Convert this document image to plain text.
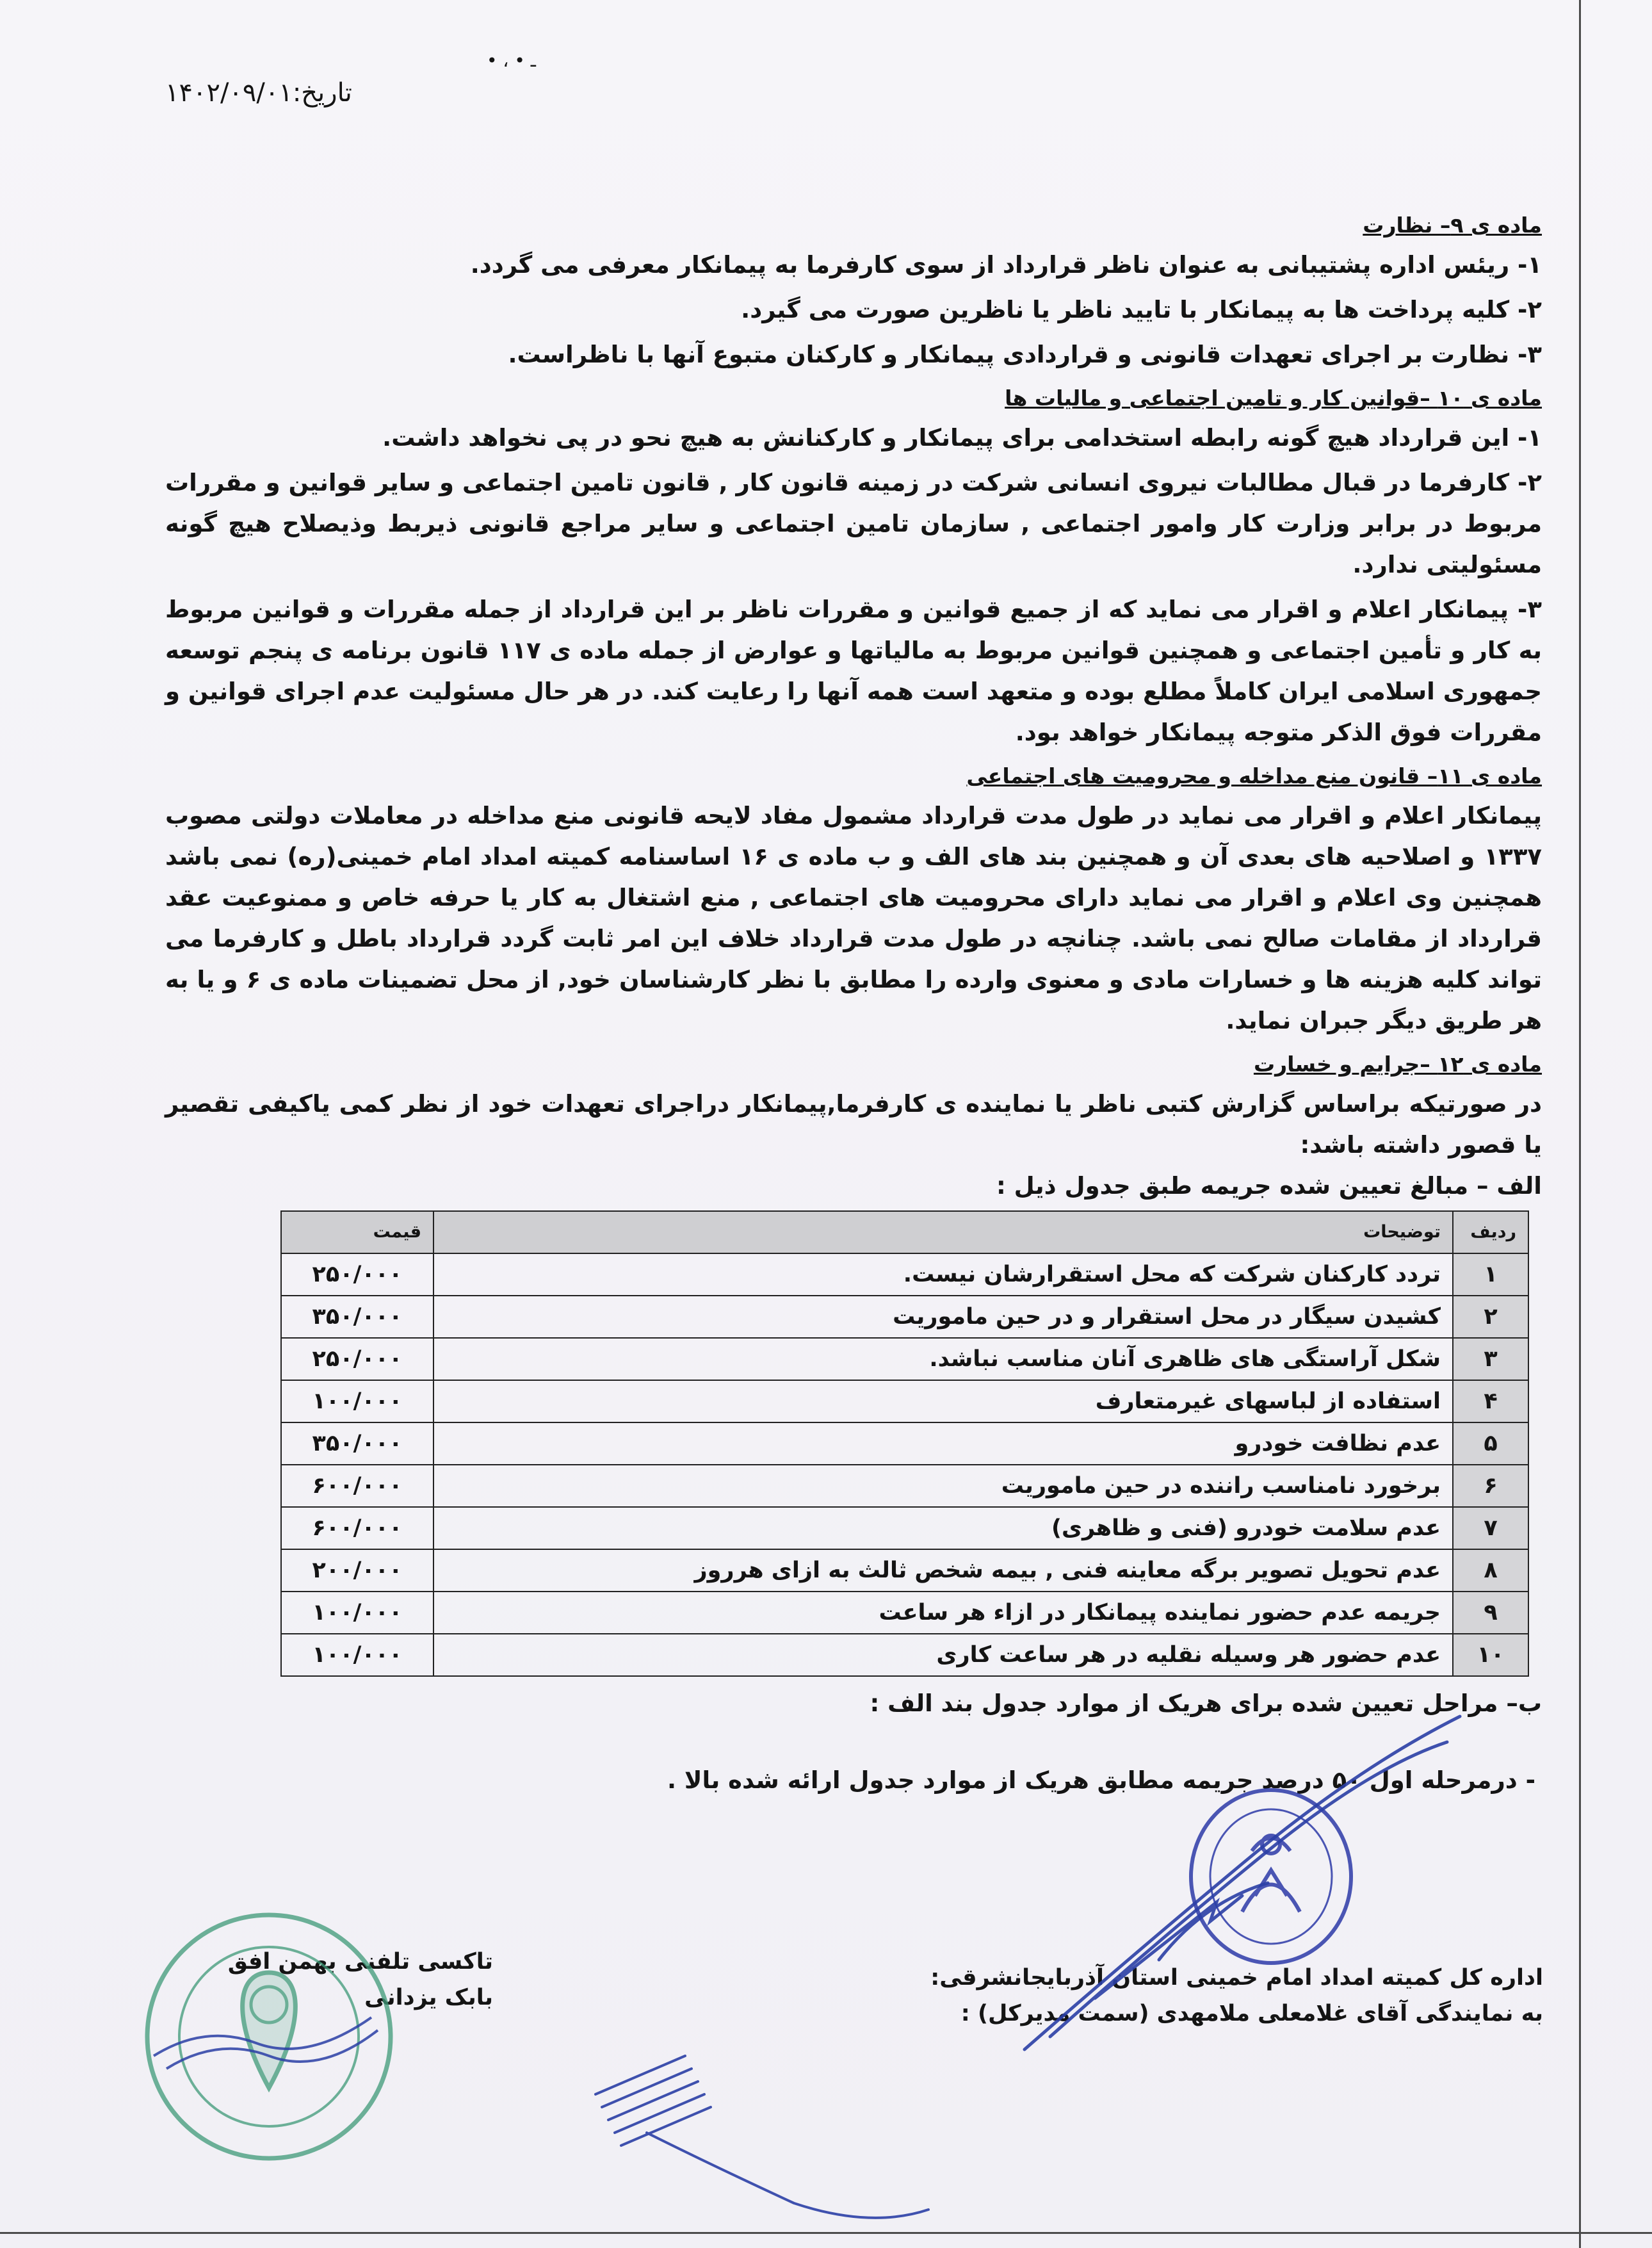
ـ • ، •
تاریخ:۱۴۰۲/۰۹/۰۱

ماده ی ۹– نظارت

۱- ریئس اداره پشتیبانی به عنوان ناظر قرارداد از سوی کارفرما به پیمانکار معرفی می گردد.

۲- کلیه پرداخت ها به پیمانکار با تایید ناظر یا ناظرین صورت می گیرد.

۳- نظارت بر اجرای تعهدات قانونی و قراردادی پیمانکار و کارکنان متبوع آنها با ناظراست.

ماده ی ۱۰ –قوانین کار و تامین اجتماعی و مالیات ها

۱- این قرارداد هیچ گونه رابطه استخدامی برای پیمانکار و کارکنانش به هیچ نحو در پی نخواهد داشت.

۲- کارفرما در قبال مطالبات نیروی انسانی شرکت در زمینه قانون کار , قانون تامین اجتماعی و سایر قوانین و مقررات مربوط در برابر وزارت کار وامور اجتماعی , سازمان تامین اجتماعی و سایر مراجع قانونی ذیربط وذیصلاح هیچ گونه مسئولیتی ندارد.

۳- پیمانکار اعلام و اقرار می نماید که از جمیع قوانین و مقررات ناظر بر این قرارداد از جمله مقررات و قوانین مربوط به کار و تأمین اجتماعی و همچنین قوانین مربوط به مالیاتها و عوارض از جمله ماده ی ۱۱۷ قانون برنامه ی پنجم توسعه جمهوری اسلامی ایران کاملاً مطلع بوده و متعهد است همه آنها را رعایت کند. در هر حال مسئولیت عدم اجرای قوانین و مقررات فوق الذکر متوجه پیمانکار خواهد بود.

ماده ی ۱۱– قانون منع مداخله و محرومیت های اجتماعی

پیمانکار اعلام و اقرار می نماید در طول مدت قرارداد مشمول مفاد لایحه قانونی منع مداخله در معاملات دولتی مصوب ۱۳۳۷ و اصلاحیه های بعدی آن و همچنین بند های الف و ب ماده ی ۱۶ اساسنامه کمیته امداد امام خمینی(ره) نمی باشد همچنین وی اعلام و اقرار می نماید دارای محرومیت های اجتماعی , منع اشتغال به کار یا حرفه خاص و ممنوعیت عقد قرارداد از مقامات صالح نمی باشد. چنانچه در طول مدت قرارداد خلاف این امر ثابت گردد قرارداد باطل و کارفرما می تواند کلیه هزینه ها و خسارات مادی و معنوی وارده را مطابق با نظر کارشناسان خود, از محل تضمینات ماده ی ۶ و یا به هر طریق دیگر جبران نماید.

ماده ی ۱۲ –جرایم و خسارت

در صورتیکه براساس گزارش کتبی ناظر یا نماینده ی کارفرما,پیمانکار دراجرای تعهدات خود از نظر کمی یاکیفی تقصیر یا قصور داشته باشد:

الف – مبالغ تعیین شده جریمه طبق جدول ذیل :

ردیف	توضیحات	قیمت
۱	تردد کارکنان شرکت که محل استقرارشان نیست.	۲۵۰/۰۰۰
۲	کشیدن سیگار در محل استقرار و در حین ماموریت	۳۵۰/۰۰۰
۳	شکل آراستگی های ظاهری آنان مناسب نباشد.	۲۵۰/۰۰۰
۴	استفاده از لباسهای غیرمتعارف	۱۰۰/۰۰۰
۵	عدم نظافت خودرو	۳۵۰/۰۰۰
۶	برخورد نامناسب راننده در حین ماموریت	۶۰۰/۰۰۰
۷	عدم سلامت خودرو (فنی و ظاهری)	۶۰۰/۰۰۰
۸	عدم تحویل تصویر برگه معاینه فنی , بیمه شخص ثالث به ازای هرروز	۲۰۰/۰۰۰
۹	جریمه عدم حضور نماینده پیمانکار در ازاء هر ساعت	۱۰۰/۰۰۰
۱۰	عدم حضور هر وسیله نقلیه در هر ساعت کاری	۱۰۰/۰۰۰

ب– مراحل تعیین شده برای هریک از موارد جدول بند الف :

- درمرحله اول ۵۰ درصد جریمه مطابق هریک از موارد جدول ارائه شده بالا .

اداره کل کمیته امداد امام خمینی استان آذربایجانشرقی:

به نمایندگی آقای غلامعلی ملامهدی (سمت مدیرکل) :

تاکسی تلفنی بهمن افق

بابک یزدانی
